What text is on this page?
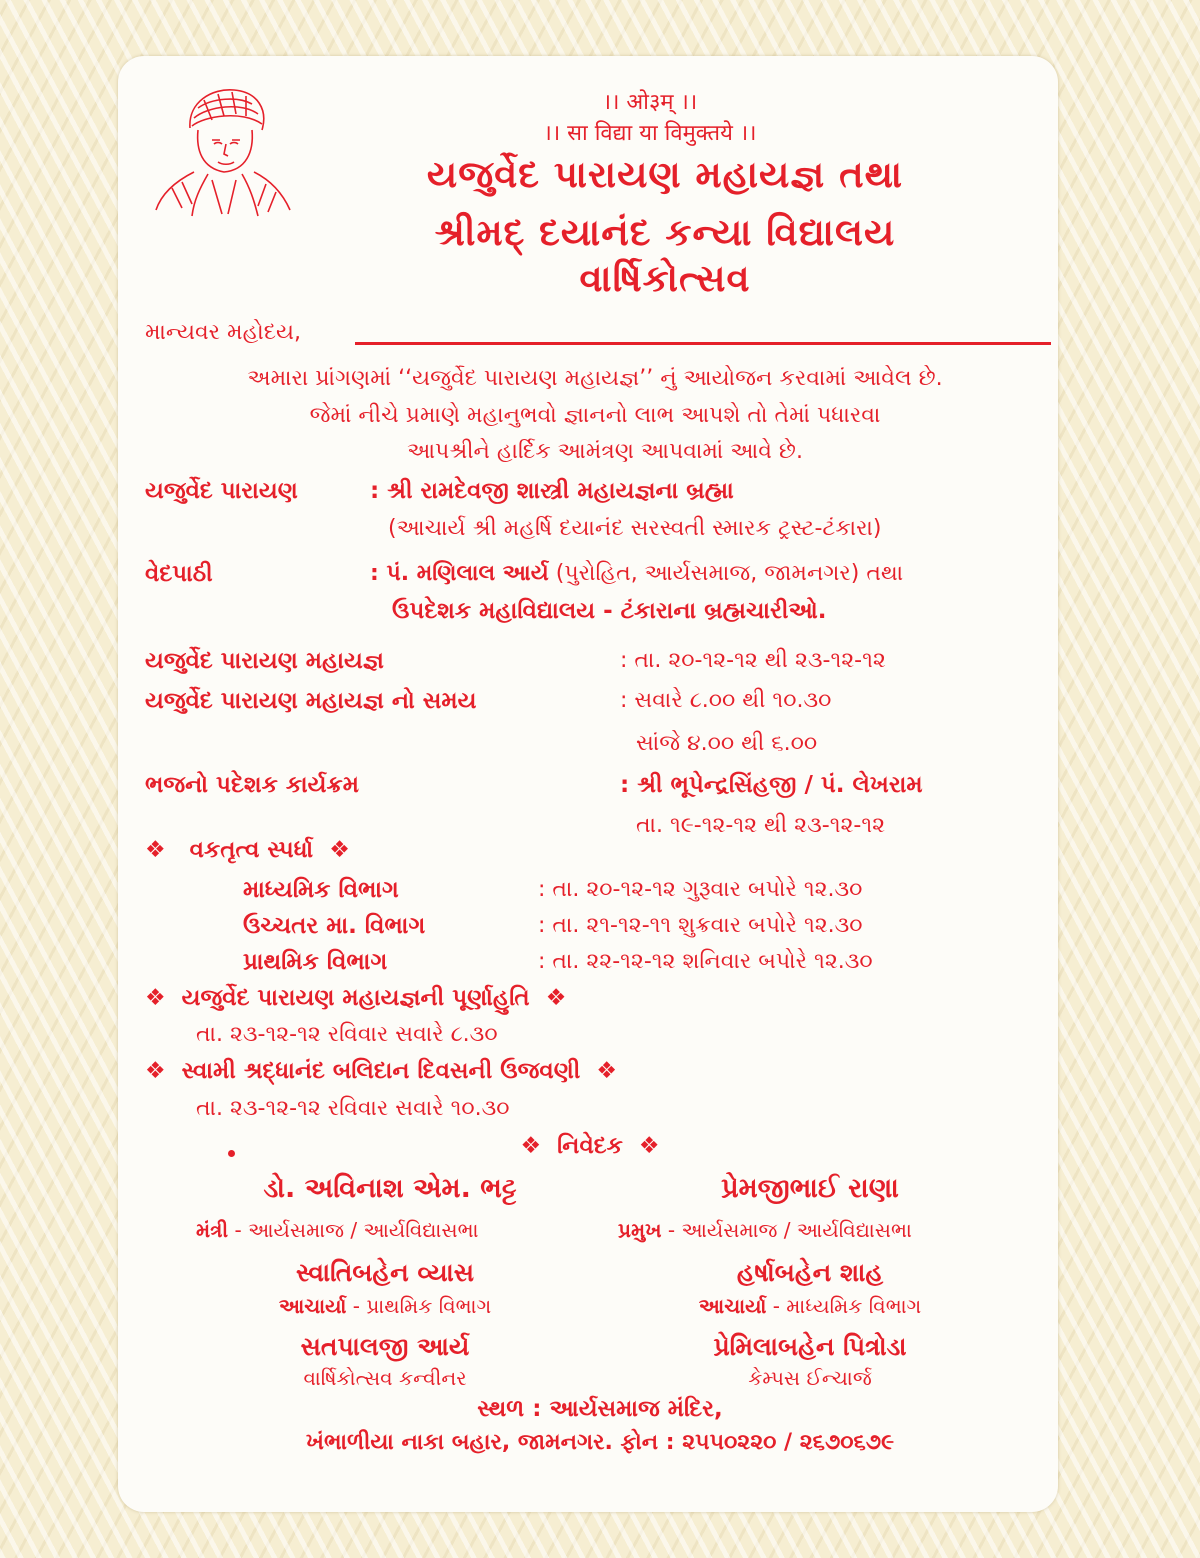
।। ओ३म् ।।
।। सा विद्या या विमुक्तये ।।
યજુર્વેદ પારાયણ મહાયજ્ઞ તથા
શ્રીમદ્ દયાનંદ કન્યા વિદ્યાલય
વાર્ષિકોત્સવ
માન્યવર મહોદય,
અમારા પ્રાંગણમાં ‘‘યજુર્વેદ પારાયણ મહાયજ્ઞ’’ નું આયોજન કરવામાં આવેલ છે.
જેમાં નીચે પ્રમાણે મહાનુભવો જ્ઞાનનો લાભ આપશે તો તેમાં પધારવા
આપશ્રીને હાર્દિક આમંત્રણ આપવામાં આવે છે.
યજુર્વેદ પારાયણ	: શ્રી રામદેવજી શાસ્ત્રી મહાયજ્ઞના બ્રહ્મા
(આચાર્ય શ્રી મહર્ષિ દયાનંદ સરસ્વતી સ્મારક ટ્રસ્ટ-ટંકારા)
વેદપાઠી	: પં. મણિલાલ આર્ય (પુરોહિત, આર્યસમાજ, જામનગર) તથા
ઉપદેશક મહાવિદ્યાલય - ટંકારાના બ્રહ્મચારીઓ.
યજુર્વેદ પારાયણ મહાયજ્ઞ	: તા. ૨૦-૧૨-૧૨ થી ૨૩-૧૨-૧૨
યજુર્વેદ પારાયણ મહાયજ્ઞ નો સમય	: સવારે ૮.૦૦ થી ૧૦.૩૦
સાંજે ૪.૦૦ થી ૬.૦૦
ભજનો પદેશક કાર્યક્રમ	: શ્રી ભૂપેન્દ્રસિંહજી / પં. લેખરામ
તા. ૧૯-૧૨-૧૨ થી ૨૩-૧૨-૧૨
❖ વકતૃત્વ સ્પર્ધા ❖
માધ્યમિક વિભાગ	: તા. ૨૦-૧૨-૧૨ ગુરૂવાર બપોરે ૧૨.૩૦
ઉચ્ચતર મા. વિભાગ	: તા. ૨૧-૧૨-૧૧ શુક્રવાર બપોરે ૧૨.૩૦
પ્રાથમિક વિભાગ	: તા. ૨૨-૧૨-૧૨ શનિવાર બપોરે ૧૨.૩૦
❖ યજુર્વેદ પારાયણ મહાયજ્ઞની પૂર્ણાહુતિ ❖
તા. ૨૩-૧૨-૧૨ રવિવાર સવારે ૮.૩૦
❖ સ્વામી શ્રદ્ધાનંદ બલિદાન દિવસની ઉજવણી ❖
તા. ૨૩-૧૨-૧૨ રવિવાર સવારે ૧૦.૩૦
❖ નિવેદક ❖
ડો. અવિનાશ એમ. ભટ્ટ	પ્રેમજીભાઈ રાણા
મંત્રી - આર્યસમાજ / આર્યવિદ્યાસભા	પ્રમુખ - આર્યસમાજ / આર્યવિદ્યાસભા
સ્વાતિબહેન વ્યાસ	હર્ષાબહેન શાહ
આચાર્યા - પ્રાથમિક વિભાગ	આચાર્યા - માધ્યમિક વિભાગ
સતપાલજી આર્ય	પ્રેમિલાબહેન પિત્રોડા
વાર્ષિકોત્સવ કન્વીનર	કેમ્પસ ઈન્ચાર્જ
સ્થળ : આર્યસમાજ મંદિર,
ખંભાળીયા નાકા બહાર, જામનગર. ફોન : ૨૫૫૦૨૨૦ / ૨૬૭૦૬૭૯
